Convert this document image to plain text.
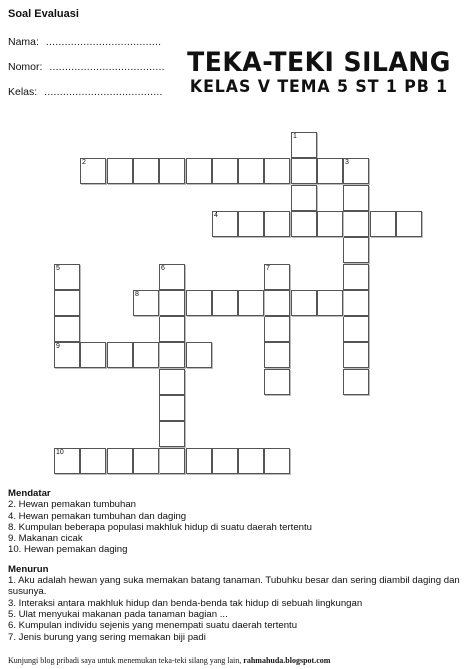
Soal Evaluasi
Nama: .....................................
Nomor: .....................................
Kelas: ......................................
TEKA-TEKI SILANG
KELAS V TEMA 5 ST 1 PB 1
1
2	3
4
5
9
6	7
8
10
Mendatar
2. Hewan pemakan tumbuhan
4. Hewan pemakan tumbuhan dan daging
8. Kumpulan beberapa populasi makhluk hidup di suatu daerah tertentu
9. Makanan cicak
10. Hewan pemakan daging
Menurun
1. Aku adalah hewan yang suka memakan batang tanaman. Tubuhku besar dan sering diambil daging dan susunya.
3. Interaksi antara makhluk hidup dan benda-benda tak hidup di sebuah lingkungan
5. Ulat menyukai makanan pada tanaman bagian ...
6. Kumpulan individu sejenis yang menempati suatu daerah tertentu
7. Jenis burung yang sering memakan biji padi
Kunjungi blog pribadi saya untuk menemukan teka-teki silang yang lain, rahmahuda.blogspot.com
